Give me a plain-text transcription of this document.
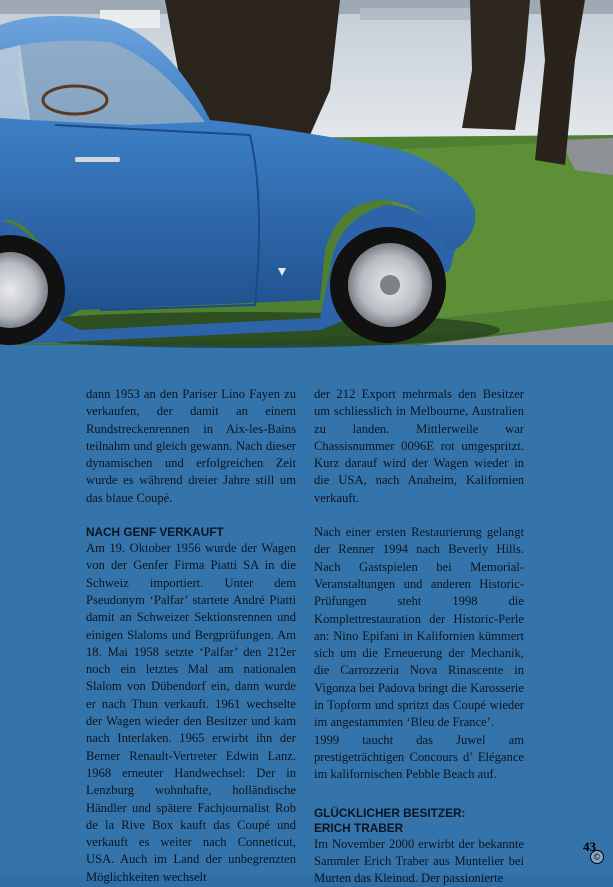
dann 1953 an den Pariser Lino Fayen zu verkaufen, der damit an einem Rundstreckenrennen in Aix-les-Bains teilnahm und gleich gewann. Nach dieser dynamischen und erfolgreichen Zeit wurde es während dreier Jahre still um das blaue Coupé.

NACH GENF VERKAUFT

Am 19. Oktober 1956 wurde der Wagen von der Genfer Firma Piatti SA in die Schweiz importiert. Unter dem Pseudonym ‘Palfar’ startete André Piatti damit an Schweizer Sektionsrennen und einigen Slaloms und Bergprüfungen. Am 18. Mai 1958 setzte ‘Palfar’ den 212er noch ein letztes Mal am nationalen Slalom von Dübendorf ein, dann wurde er nach Thun verkauft. 1961 wechselte der Wagen wieder den Besitzer und kam nach Interlaken. 1965 erwirbt ihn der Berner Renault-Vertreter Edwin Lanz. 1968 erneuter Handwechsel: Der in Lenzburg wohnhafte, holländische Händler und spätere Fachjournalist Rob de la Rive Box kauft das Coupé und verkauft es weiter nach Conneticut, USA. Auch im Land der unbegrenzten Möglichkeiten wechselt

der 212 Export mehrmals den Besitzer um schliesslich in Melbourne, Australien zu landen. Mittlerweile war Chassisnummer 0096E rot umgespritzt. Kurz darauf wird der Wagen wieder in die USA, nach Anaheim, Kalifornien verkauft.

Nach einer ersten Restaurierung gelangt der Renner 1994 nach Beverly Hills. Nach Gastspielen bei Memorial-Veranstaltungen und anderen Historic-Prüfungen steht 1998 die Komplettrestauration der Historic-Perle an: Nino Epifani in Kalifornien kümmert sich um die Erneuerung der Mechanik, die Carrozzeria Nova Rinascente in Vigonza bei Padova bringt die Karosserie in Topform und spritzt das Coupé wieder im angestammten ‘Bleu de France’.

1999 taucht das Juwel am prestigeträchtigen Concours d’ Elégance im kalifornischen Pebble Beach auf.

GLÜCKLICHER BESITZER:
ERICH TRABER

Im November 2000 erwirbt der bekannte Sammler Erich Traber aus Muntelier bei Murten das Kleinod. Der passionierte

43
©
